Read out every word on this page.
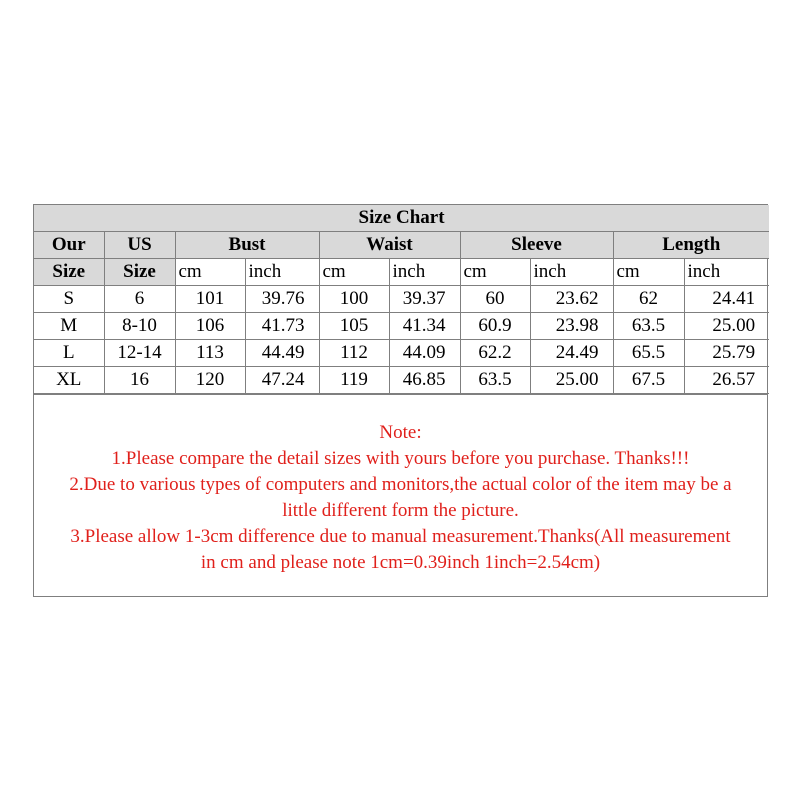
Size Chart									
Our	US	Bust		Waist		Sleeve		Length	
Size	Size	cm	inch	cm	inch	cm	inch	cm	inch
S	6	101	39.76	100	39.37	60	23.62	62	24.41
M	8-10	106	41.73	105	41.34	60.9	23.98	63.5	25.00
L	12-14	113	44.49	112	44.09	62.2	24.49	65.5	25.79
XL	16	120	47.24	119	46.85	63.5	25.00	67.5	26.57
Note:
1.Please compare the detail sizes with yours before you purchase. Thanks!!!
2.Due to various types of computers and monitors,the actual color of the item may be a
little different form the picture.
3.Please allow 1-3cm difference due to manual measurement.Thanks(All measurement
in cm and please note 1cm=0.39inch 1inch=2.54cm)
